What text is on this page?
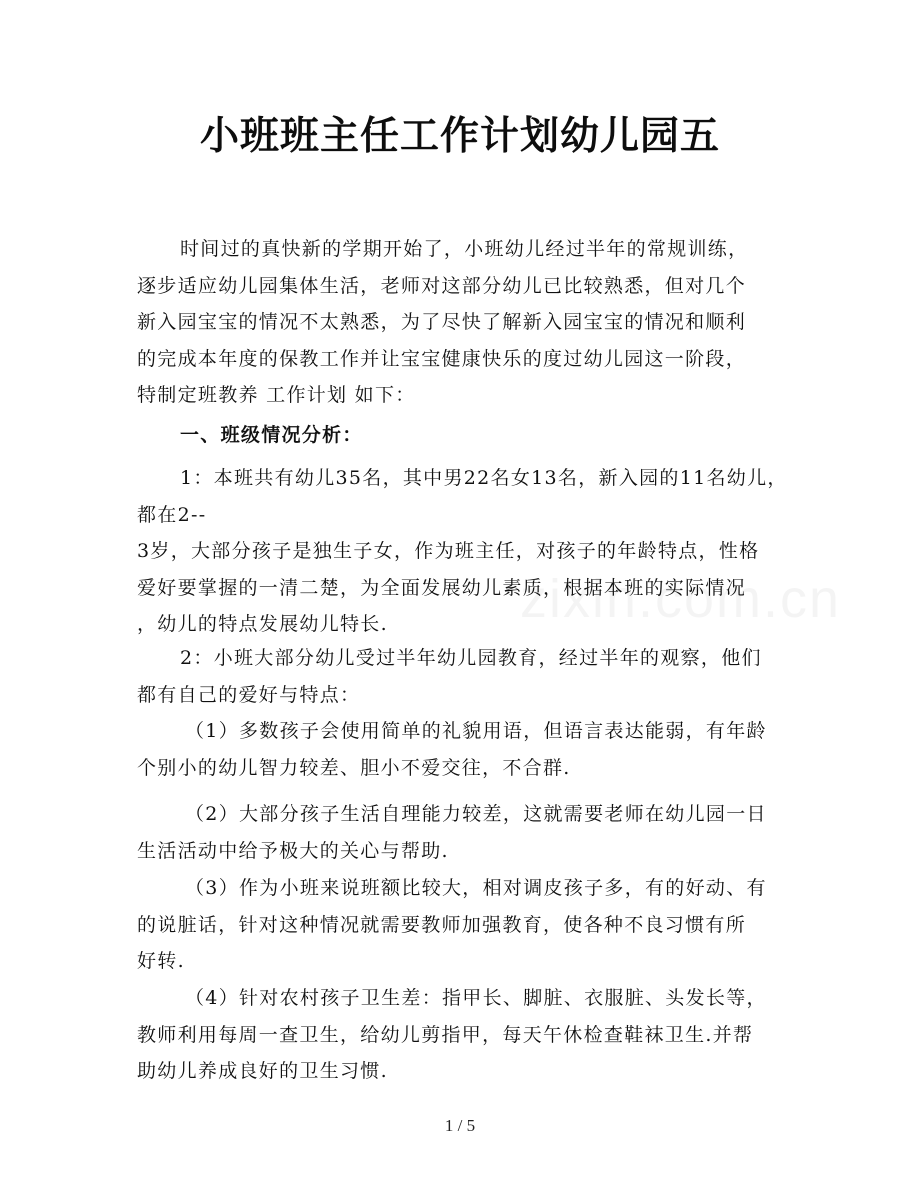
小班班主任工作计划幼儿园五
时间过的真快新的学期开始了，小班幼儿经过半年的常规训练，
逐步适应幼儿园集体生活，老师对这部分幼儿已比较熟悉，但对几个
新入园宝宝的情况不太熟悉，为了尽快了解新入园宝宝的情况和顺利
的完成本年度的保教工作并让宝宝健康快乐的度过幼儿园这一阶段，
特制定班教养 工作计划 如下：
一、班级情况分析：
1：本班共有幼儿35名，其中男22名女13名，新入园的11名幼儿，
都在2--
3岁，大部分孩子是独生子女，作为班主任，对孩子的年龄特点，性格
爱好要掌握的一清二楚，为全面发展幼儿素质，根据本班的实际情况
，幼儿的特点发展幼儿特长.
2：小班大部分幼儿受过半年幼儿园教育，经过半年的观察，他们
都有自己的爱好与特点：
（1）多数孩子会使用简单的礼貌用语，但语言表达能弱，有年龄
个别小的幼儿智力较差、胆小不爱交往，不合群.
（2）大部分孩子生活自理能力较差，这就需要老师在幼儿园一日
生活活动中给予极大的关心与帮助.
（3）作为小班来说班额比较大，相对调皮孩子多，有的好动、有
的说脏话，针对这种情况就需要教师加强教育，使各种不良习惯有所
好转.
（4）针对农村孩子卫生差：指甲长、脚脏、衣服脏、头发长等，
教师利用每周一查卫生，给幼儿剪指甲，每天午休检查鞋袜卫生.并帮
助幼儿养成良好的卫生习惯.
1 / 5
